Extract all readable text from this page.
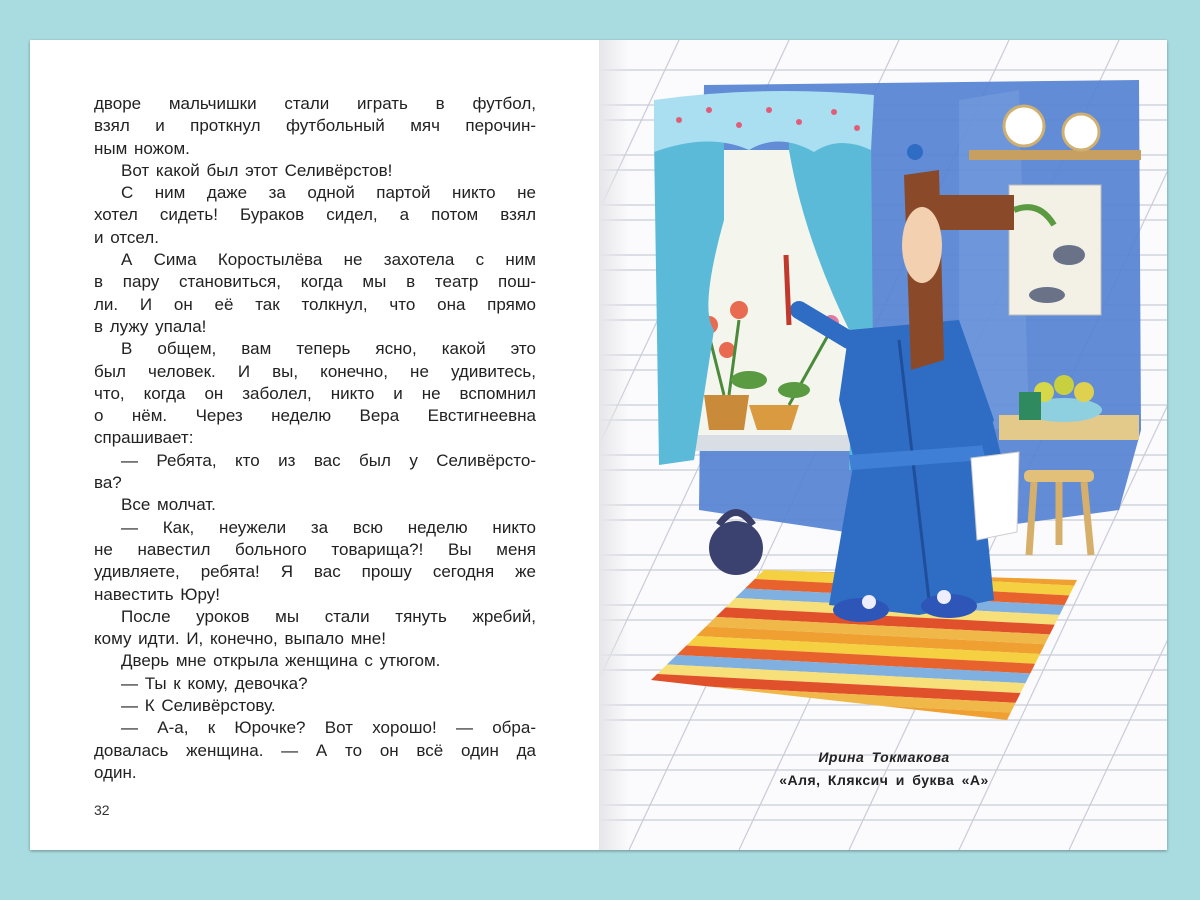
дворе мальчишки стали играть в футбол,
взял и проткнул футбольный мяч перочин-
ным ножом.
Вот какой был этот Селивёрстов!
С ним даже за одной партой никто не
хотел сидеть! Бураков сидел, а потом взял
и отсел.
А Сима Коростылёва не захотела с ним
в пару становиться, когда мы в театр пош-
ли. И он её так толкнул, что она прямо
в лужу упала!
В общем, вам теперь ясно, какой это
был человек. И вы, конечно, не удивитесь,
что, когда он заболел, никто и не вспомнил
о нём. Через неделю Вера Евстигнеевна
спрашивает:
— Ребята, кто из вас был у Селивёрсто-
ва?
Все молчат.
— Как, неужели за всю неделю никто
не навестил больного товарища?! Вы меня
удивляете, ребята! Я вас прошу сегодня же
навестить Юру!
После уроков мы стали тянуть жребий,
кому идти. И, конечно, выпало мне!
Дверь мне открыла женщина с утюгом.
— Ты к кому, девочка?
— К Селивёрстову.
— А-а, к Юрочке? Вот хорошо! — обра-
довалась женщина. — А то он всё один да
один.
32
Ирина Токмакова
«Аля, Кляксич и буква «А»
